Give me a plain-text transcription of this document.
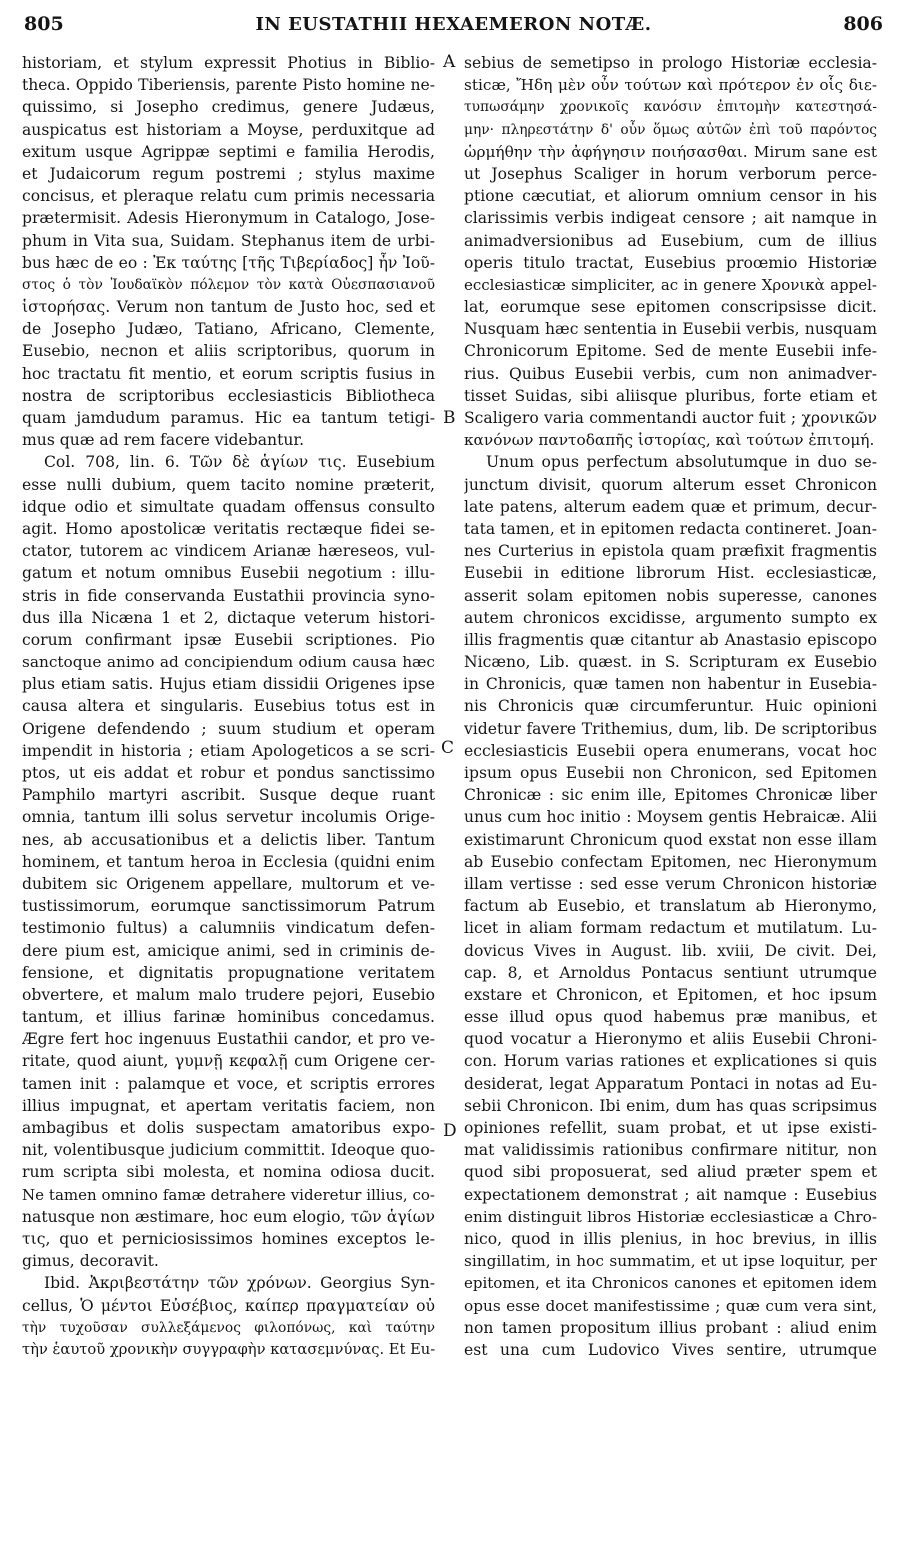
805	IN EUSTATHII HEXAEMERON NOTÆ.	806
historiam, et stylum expressit Photius in Biblio-
theca. Oppido Tiberiensis, parente Pisto homine ne-
quissimo, si Josepho credimus, genere Judæus,
auspicatus est historiam a Moyse, perduxitque ad
exitum usque Agrippæ septimi e familia Herodis,
et Judaicorum regum postremi ; stylus maxime
concisus, et pleraque relatu cum primis necessaria
prætermisit. Adesis Hieronymum in Catalogo, Jose-
phum in Vita sua, Suidam. Stephanus item de urbi-
bus hæc de eo : Ἐκ ταύτης [τῆς Τιβερίαδος] ἦν Ἰοῦ-
στος ὁ τὸν Ἰουδαϊκὸν πόλεμον τὸν κατὰ Οὐεσπασιανοῦ
ἱστορήσας. Verum non tantum de Justo hoc, sed et
de Josepho Judæo, Tatiano, Africano, Clemente,
Eusebio, necnon et aliis scriptoribus, quorum in
hoc tractatu fit mentio, et eorum scriptis fusius in
nostra de scriptoribus ecclesiasticis Bibliotheca
quam jamdudum paramus. Hic ea tantum tetigi-
mus quæ ad rem facere videbantur.
Col. 708, lin. 6. Τῶν δὲ ἁγίων τις. Eusebium
esse nulli dubium, quem tacito nomine præterit,
idque odio et simultate quadam offensus consulto
agit. Homo apostolicæ veritatis rectæque fidei se-
ctator, tutorem ac vindicem Arianæ hæreseos, vul-
gatum et notum omnibus Eusebii negotium : illu-
stris in fide conservanda Eustathii provincia syno-
dus illa Nicæna 1 et 2, dictaque veterum histori-
corum confirmant ipsæ Eusebii scriptiones. Pio
sanctoque animo ad concipiendum odium causa hæc
plus etiam satis. Hujus etiam dissidii Origenes ipse
causa altera et singularis. Eusebius totus est in
Origene defendendo ; suum studium et operam
impendit in historia ; etiam Apologeticos a se scri-
ptos, ut eis addat et robur et pondus sanctissimo
Pamphilo martyri ascribit. Susque deque ruant
omnia, tantum illi solus servetur incolumis Orige-
nes, ab accusationibus et a delictis liber. Tantum
hominem, et tantum heroa in Ecclesia (quidni enim
dubitem sic Origenem appellare, multorum et ve-
tustissimorum, eorumque sanctissimorum Patrum
testimonio fultus) a calumniis vindicatum defen-
dere pium est, amicique animi, sed in criminis de-
fensione, et dignitatis propugnatione veritatem
obvertere, et malum malo trudere pejori, Eusebio
tantum, et illius farinæ hominibus concedamus.
Ægre fert hoc ingenuus Eustathii candor, et pro ve-
ritate, quod aiunt, γυμνῇ κεφαλῇ cum Origene cer-
tamen init : palamque et voce, et scriptis errores
illius impugnat, et apertam veritatis faciem, non
ambagibus et dolis suspectam amatoribus expo-
nit, volentibusque judicium committit. Ideoque quo-
rum scripta sibi molesta, et nomina odiosa ducit.
Ne tamen omnino famæ detrahere videretur illius, co-
natusque non æstimare, hoc eum elogio, τῶν ἁγίων
τις, quo et perniciosissimos homines exceptos le-
gimus, decoravit.
Ibid. Ἀκριβεστάτην τῶν χρόνων. Georgius Syn-
cellus, Ὁ μέντοι Εὐσέβιος, καίπερ πραγματείαν οὐ
τὴν τυχοῦσαν συλλεξάμενος φιλοπόνως, καὶ ταύτην
τὴν ἑαυτοῦ χρονικὴν συγγραφὴν κατασεμνύνας. Et Eu-
sebius de semetipso in prologo Historiæ ecclesia-
sticæ, Ἤδη μὲν οὖν τούτων καὶ πρότερον ἐν οἷς διε-
τυπωσάμην χρονικοῖς κανόσιν ἐπιτομὴν κατεστησά-
μην· πληρεστάτην δ' οὖν ὅμως αὐτῶν ἐπὶ τοῦ παρόντος
ὡρμήθην τὴν ἀφήγησιν ποιήσασθαι. Mirum sane est
ut Josephus Scaliger in horum verborum perce-
ptione cæcutiat, et aliorum omnium censor in his
clarissimis verbis indigeat censore ; ait namque in
animadversionibus ad Eusebium, cum de illius
operis titulo tractat, Eusebius proœmio Historiæ
ecclesiasticæ simpliciter, ac in genere Χρονικὰ appel-
lat, eorumque sese epitomen conscripsisse dicit.
Nusquam hæc sententia in Eusebii verbis, nusquam
Chronicorum Epitome. Sed de mente Eusebii infe-
rius. Quibus Eusebii verbis, cum non animadver-
tisset Suidas, sibi aliisque pluribus, forte etiam et
Scaligero varia commentandi auctor fuit ; χρονικῶν
κανόνων παντοδαπῆς ἱστορίας, καὶ τούτων ἐπιτομή.
Unum opus perfectum absolutumque in duo se-
junctum divisit, quorum alterum esset Chronicon
late patens, alterum eadem quæ et primum, decur-
tata tamen, et in epitomen redacta contineret. Joan-
nes Curterius in epistola quam præfixit fragmentis
Eusebii in editione librorum Hist. ecclesiasticæ,
asserit solam epitomen nobis superesse, canones
autem chronicos excidisse, argumento sumpto ex
illis fragmentis quæ citantur ab Anastasio episcopo
Nicæno, Lib. quæst. in S. Scripturam ex Eusebio
in Chronicis, quæ tamen non habentur in Eusebia-
nis Chronicis quæ circumferuntur. Huic opinioni
videtur favere Trithemius, dum, lib. De scriptoribus
ecclesiasticis Eusebii opera enumerans, vocat hoc
ipsum opus Eusebii non Chronicon, sed Epitomen
Chronicæ : sic enim ille, Epitomes Chronicæ liber
unus cum hoc initio : Moysem gentis Hebraicæ. Alii
existimarunt Chronicum quod exstat non esse illam
ab Eusebio confectam Epitomen, nec Hieronymum
illam vertisse : sed esse verum Chronicon historiæ
factum ab Eusebio, et translatum ab Hieronymo,
licet in aliam formam redactum et mutilatum. Lu-
dovicus Vives in August. lib. xviii, De civit. Dei,
cap. 8, et Arnoldus Pontacus sentiunt utrumque
exstare et Chronicon, et Epitomen, et hoc ipsum
esse illud opus quod habemus præ manibus, et
quod vocatur a Hieronymo et aliis Eusebii Chroni-
con. Horum varias rationes et explicationes si quis
desiderat, legat Apparatum Pontaci in notas ad Eu-
sebii Chronicon. Ibi enim, dum has quas scripsimus
opiniones refellit, suam probat, et ut ipse existi-
mat validissimis rationibus confirmare nititur, non
quod sibi proposuerat, sed aliud præter spem et
expectationem demonstrat ; ait namque : Eusebius
enim distinguit libros Historiæ ecclesiasticæ a Chro-
nico, quod in illis plenius, in hoc brevius, in illis
singillatim, in hoc summatim, et ut ipse loquitur, per
epitomen, et ita Chronicos canones et epitomen idem
opus esse docet manifestissime ; quæ cum vera sint,
non tamen propositum illius probant : aliud enim
est una cum Ludovico Vives sentire, utrumque
A
B
C
D
